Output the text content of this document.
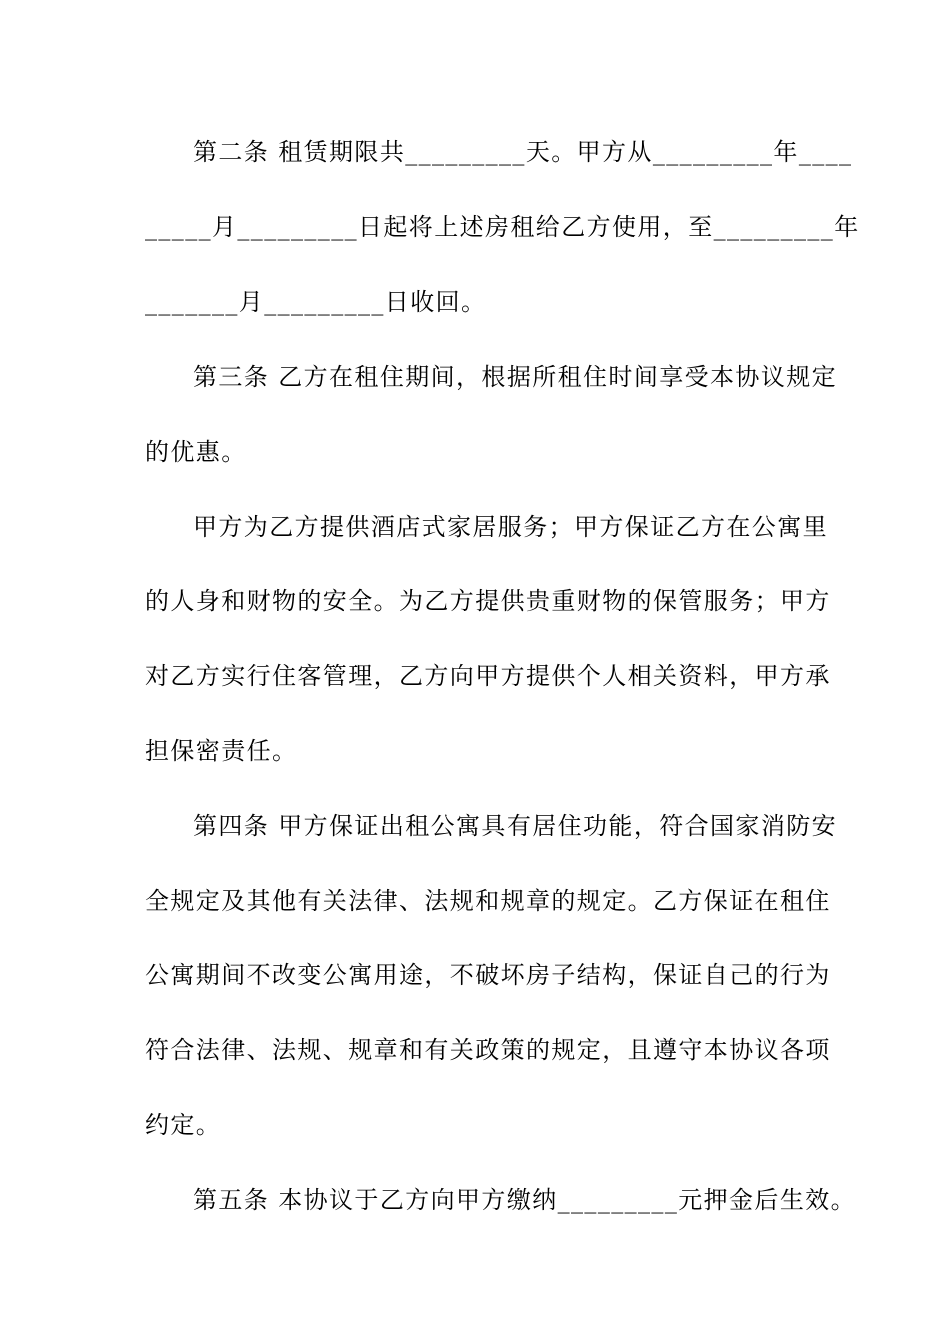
第二条 租赁期限共_________天。甲方从_________年____
_____月_________日起将上述房租给乙方使用，至_________年
_______月_________日收回。
第三条 乙方在租住期间，根据所租住时间享受本协议规定
的优惠。
甲方为乙方提供酒店式家居服务；甲方保证乙方在公寓里
的人身和财物的安全。为乙方提供贵重财物的保管服务；甲方
对乙方实行住客管理，乙方向甲方提供个人相关资料，甲方承
担保密责任。
第四条 甲方保证出租公寓具有居住功能，符合国家消防安
全规定及其他有关法律、法规和规章的规定。乙方保证在租住
公寓期间不改变公寓用途，不破坏房子结构，保证自己的行为
符合法律、法规、规章和有关政策的规定，且遵守本协议各项
约定。
第五条 本协议于乙方向甲方缴纳_________元押金后生效。
